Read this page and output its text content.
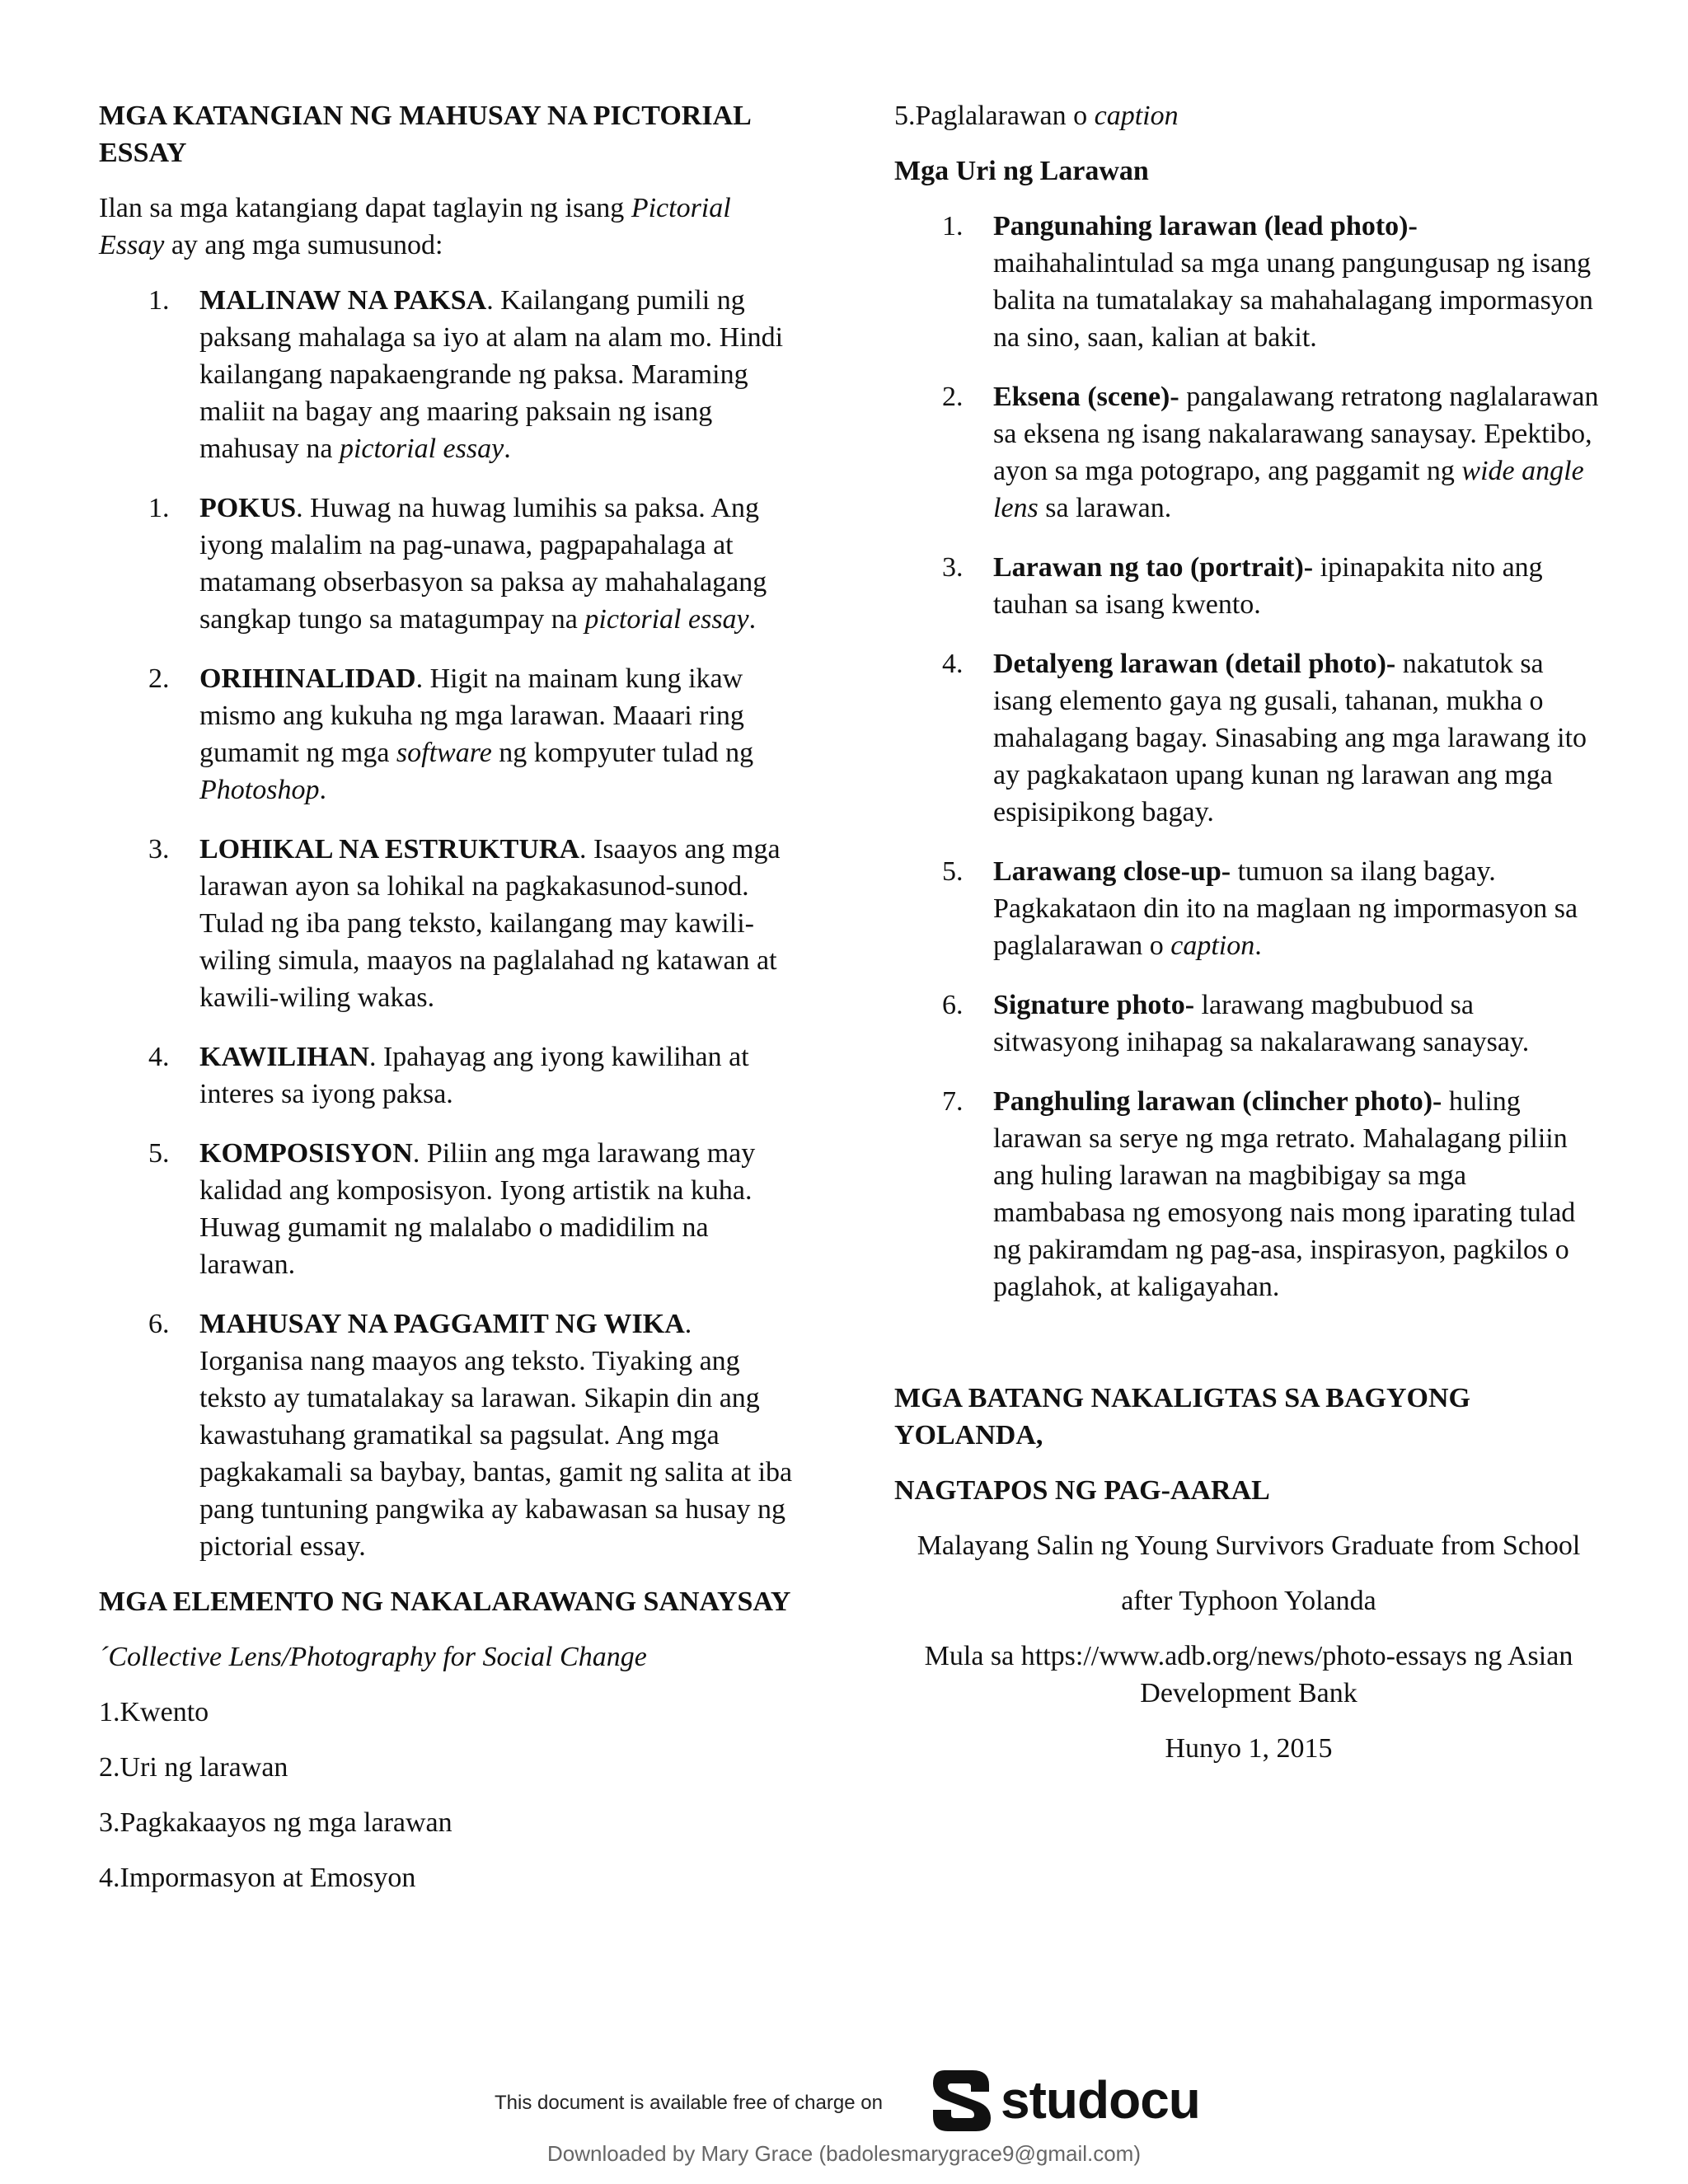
MGA KATANGIAN NG MAHUSAY NA PICTORIAL ESSAY
Ilan sa mga katangiang dapat taglayin ng isang Pictorial Essay ay ang mga sumusunod:
1. MALINAW NA PAKSA. Kailangang pumili ng paksang mahalaga sa iyo at alam na alam mo. Hindi kailangang napakaengrande ng paksa. Maraming maliit na bagay ang maaring paksain ng isang mahusay na pictorial essay.
1. POKUS. Huwag na huwag lumihis sa paksa. Ang iyong malalim na pag-unawa, pagpapahalaga at matamang obserbasyon sa paksa ay mahahalagang sangkap tungo sa matagumpay na pictorial essay.
2. ORIHINALIDAD. Higit na mainam kung ikaw mismo ang kukuha ng mga larawan. Maaari ring gumamit ng mga software ng kompyuter tulad ng Photoshop.
3. LOHIKAL NA ESTRUKTURA. Isaayos ang mga larawan ayon sa lohikal na pagkakasunod-sunod. Tulad ng iba pang teksto, kailangang may kawili-wiling simula, maayos na paglalahad ng katawan at kawili-wiling wakas.
4. KAWILIHAN. Ipahayag ang iyong kawilihan at interes sa iyong paksa.
5. KOMPOSISYON. Piliin ang mga larawang may kalidad ang komposisyon. Iyong artistik na kuha. Huwag gumamit ng malalabo o madidilim na larawan.
6. MAHUSAY NA PAGGAMIT NG WIKA. Iorganisa nang maayos ang teksto. Tiyaking ang teksto ay tumatalakay sa larawan. Sikapin din ang kawastuhang gramatikal sa pagsulat. Ang mga pagkakamali sa baybay, bantas, gamit ng salita at iba pang tuntuning pangwika ay kabawasan sa husay ng pictorial essay.
MGA ELEMENTO NG NAKALARAWANG SANAYSAY
´Collective Lens/Photography for Social Change
1.Kwento
2.Uri ng larawan
3.Pagkakaayos ng mga larawan
4.Impormasyon at Emosyon
5.Paglalarawan o caption
Mga Uri ng Larawan
1. Pangunahing larawan (lead photo)- maihahalintulad sa mga unang pangungusap ng isang balita na tumatalakay sa mahahalagang impormasyon na sino, saan, kalian at bakit.
2. Eksena (scene)- pangalawang retratong naglalarawan sa eksena ng isang nakalarawang sanaysay. Epektibo, ayon sa mga potograpo, ang paggamit ng wide angle lens sa larawan.
3. Larawan ng tao (portrait)- ipinapakita nito ang tauhan sa isang kwento.
4. Detalyeng larawan (detail photo)- nakatutok sa isang elemento gaya ng gusali, tahanan, mukha o mahalagang bagay. Sinasabing ang mga larawang ito ay pagkakataon upang kunan ng larawan ang mga espisipikong bagay.
5. Larawang close-up- tumuon sa ilang bagay. Pagkakataon din ito na maglaan ng impormasyon sa paglalarawan o caption.
6. Signature photo- larawang magbubuod sa sitwasyong inihapag sa nakalarawang sanaysay.
7. Panghuling larawan (clincher photo)- huling larawan sa serye ng mga retrato. Mahalagang piliin ang huling larawan na magbibigay sa mga mambabasa ng emosyong nais mong iparating tulad ng pakiramdam ng pag-asa, inspirasyon, pagkilos o paglahok, at kaligayahan.
MGA BATANG NAKALIGTAS SA BAGYONG YOLANDA,
NAGTAPOS NG PAG-AARAL
Malayang Salin ng Young Survivors Graduate from School
after Typhoon Yolanda
Mula sa https://www.adb.org/news/photo-essays ng Asian Development Bank
Hunyo 1, 2015
This document is available free of charge on studocu
Downloaded by Mary Grace (badolesmarygrace9@gmail.com)
